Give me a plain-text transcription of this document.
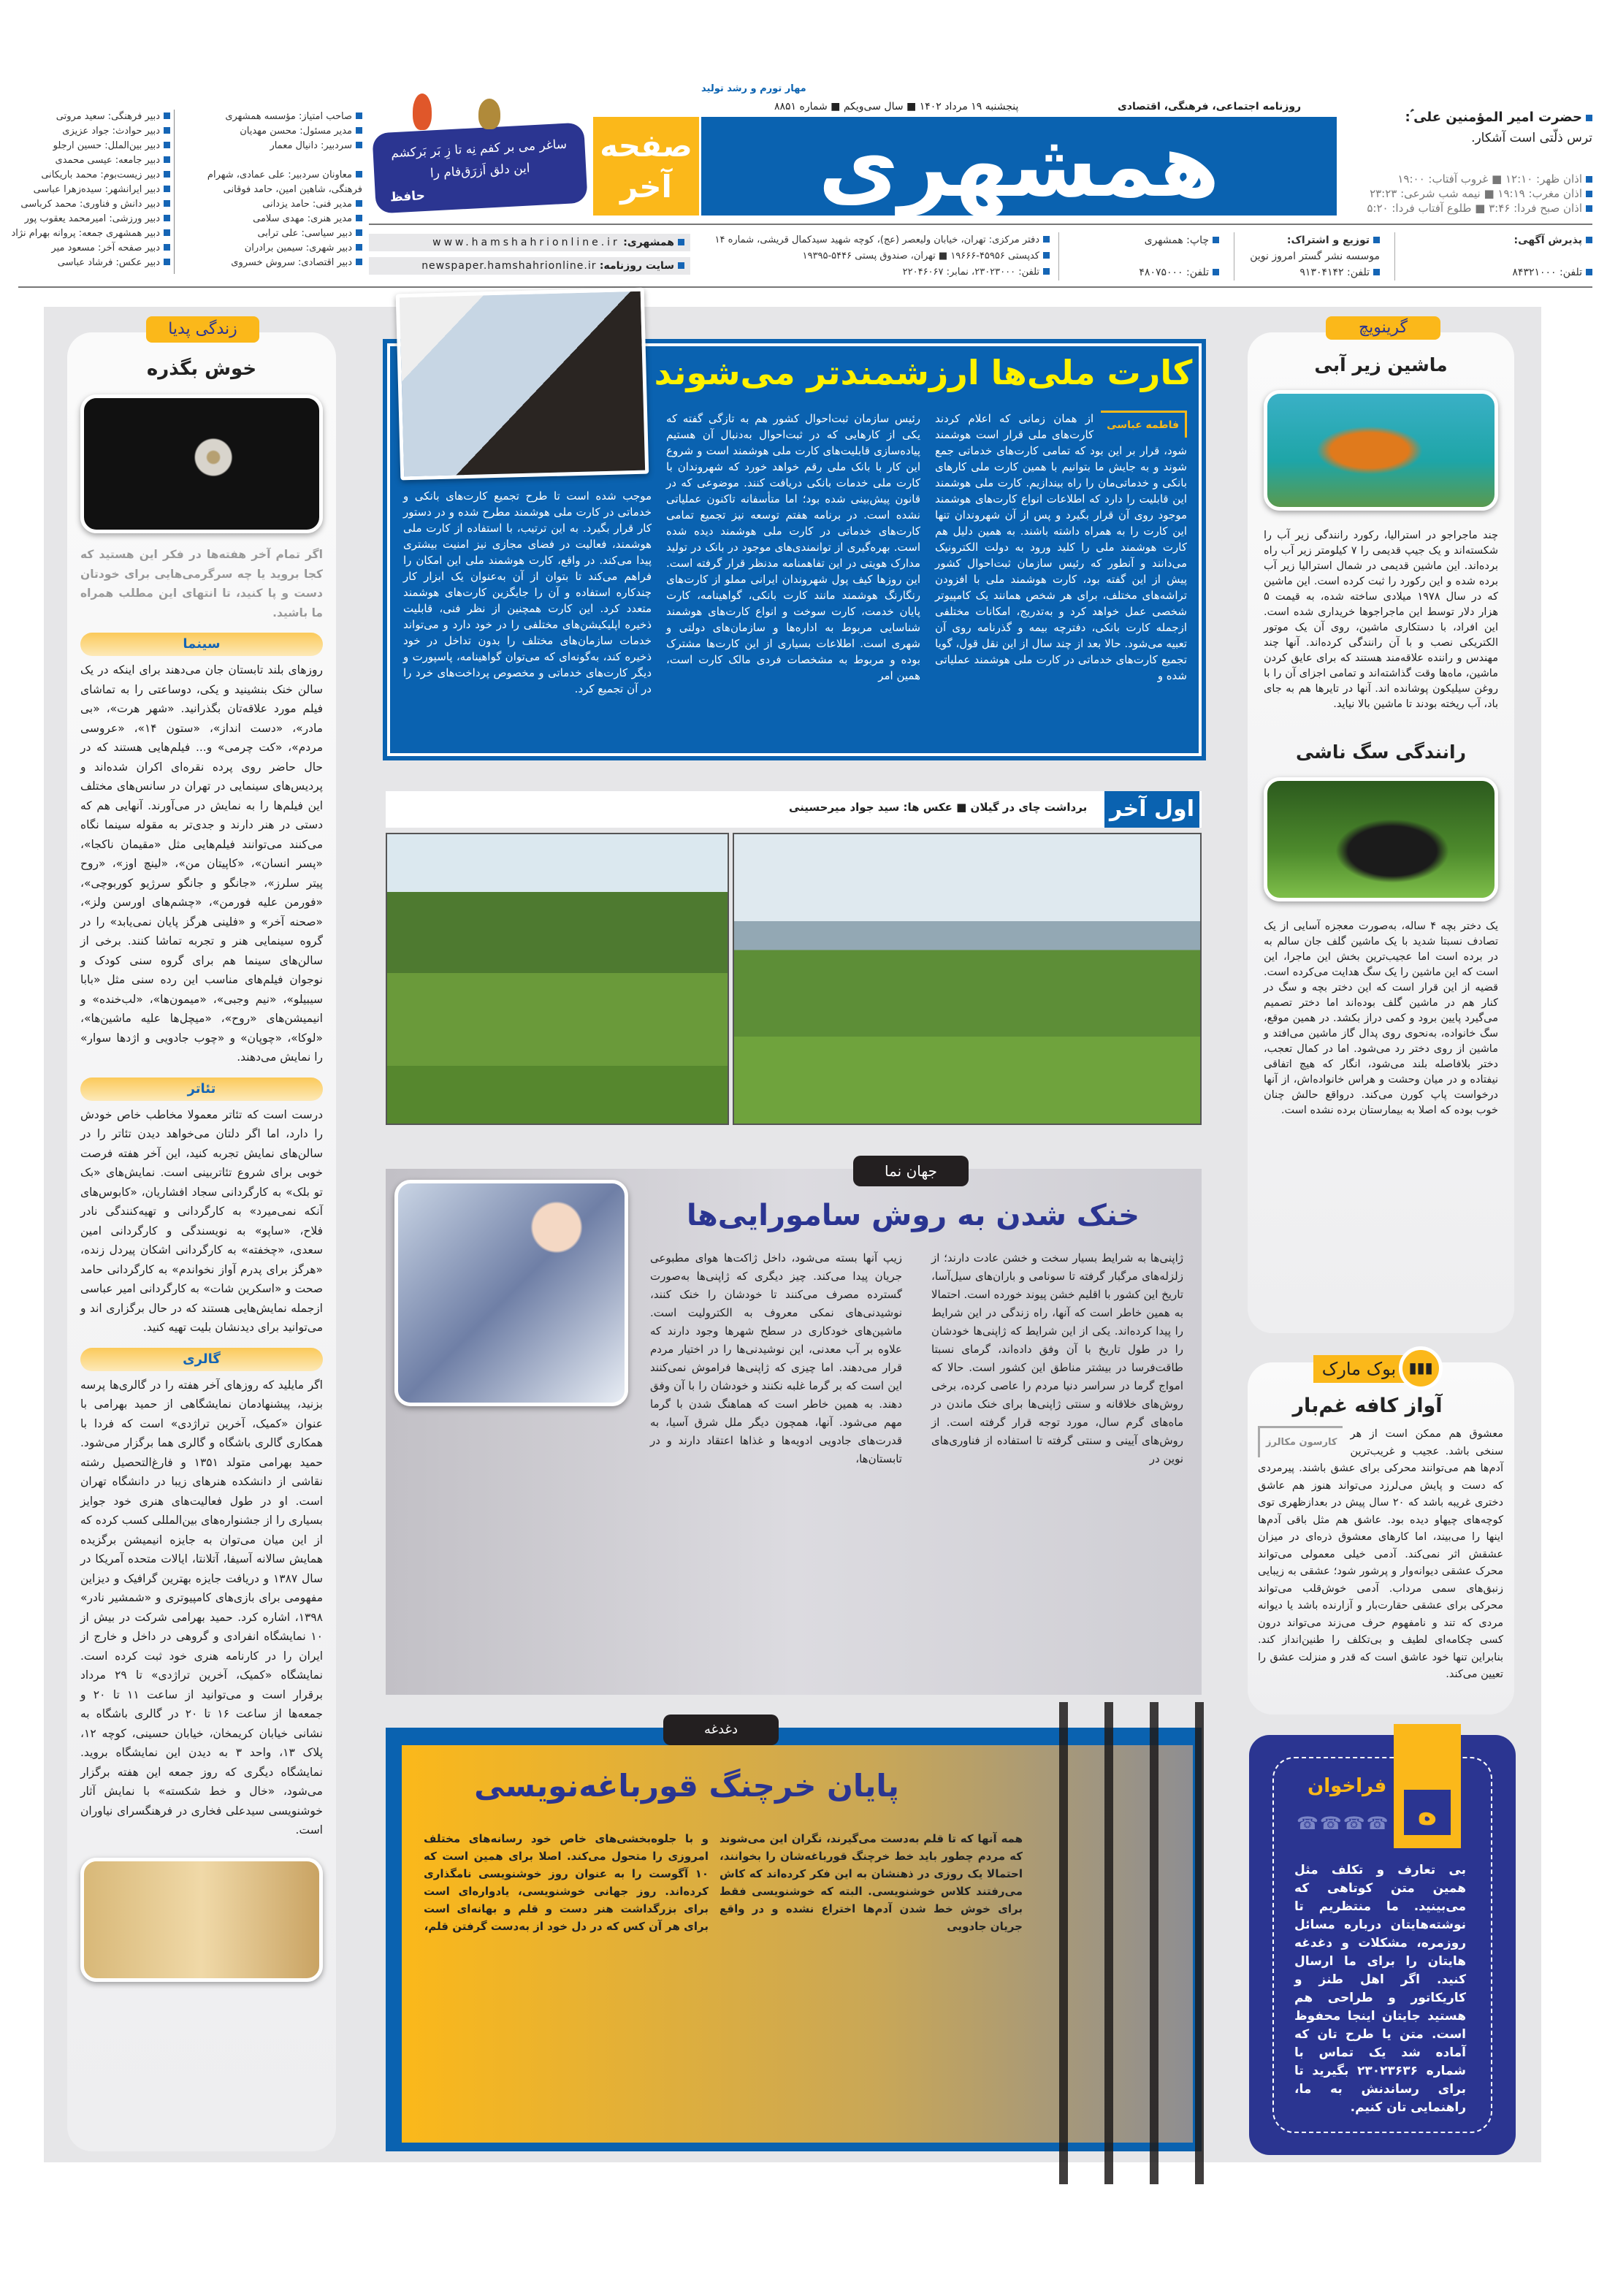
حضرت امیر المؤمنین علی ؑ:
ترس ذلّتی است آشکار.
اذان ظهر: ۱۲:۱۰ ■ غروب آفتاب: ۱۹:۰۰
اذان مغرب: ۱۹:۱۹ ■ نیمه شب شرعی: ۲۳:۲۳
اذان صبح فردا: ۳:۴۶ ■ طلوع آفتاب فردا: ۵:۲۰
روزنامه اجتماعی، فرهنگی، اقتصادی
پنجشنبه ۱۹ مرداد ۱۴۰۲ ■ سال سی‌ویکم ■ شماره ۸۸۵۱
مهار تورم و رشد تولید
همشهری
صفحه آخر
ساغر می بر کفم نِه تا زِ بَر بَرکشم این دلق اَزرَق‌فام را
حافظ
صاحب امتیاز: مؤسسه همشهری
مدیر مسئول: محسن مهدیان
سردبیر: دانیال معمار

معاونان سردبیر: علی عمادی، شهرام
فرهنگی، شاهین امین، حامد فوقانی
مدیر فنی: حامد یزدانی
مدیر هنری: مهدی سلامی
دبیر سیاسی: علی ترابی
دبیر شهری: سیمین برادران
دبیر اقتصادی: سروش خسروی
دبیر فرهنگی: سعید مروتی
دبیر حوادث: جواد عزیزی
دبیر بین‌الملل: حسین ارجلو
دبیر جامعه: عیسی محمدی
دبیر زیست‌بوم: محمد باریکانی
دبیر ایرانشهر: سیده‌زهرا عباسی
دبیر دانش و فناوری: محمد کرباسی
دبیر ورزشی: امیرمحمد یعقوب پور
دبیر همشهری جمعه: پروانه بهرام نژاد
دبیر صفحه آخر: مسعود میر
دبیر عکس: فرشاد عباسی
پذیرش آگهی:

تلفن: ۸۴۳۲۱۰۰۰
توزیع و اشتراک:
موسسه نشر گستر امروز نوین
تلفن: ۹۱۳۰۴۱۴۲
چاپ: همشهری

تلفن: ۴۸۰۷۵۰۰۰
دفتر مرکزی: تهران، خیابان ولیعصر (عج)، کوچه شهید سیدکمال قریشی، شماره ۱۴
کدپستی ۴۵۹۵۶-۱۹۶۶۶ ■ تهران، صندوق پستی ۵۴۴۶-۱۹۳۹۵
تلفن: ۲۳۰۲۳۰۰۰، نمابر: ۲۲۰۴۶۰۶۷
همشهری: www.hamshahrionline.ir
سایت روزنامه: newspaper.hamshahrionline.ir
خوش بگذره
اگر تمام آخر هفته‌ها در فکر این هستید که کجا بروید یا چه سرگرمی‌هایی برای خودتان دست و پا کنید، تا انتهای این مطلب همراه ما باشید.
سینما
روزهای بلند تابستان جان می‌دهند برای اینکه در یک سالن خنک بنشینید و یکی، دوساعتی را به تماشای فیلم مورد علاقه‌تان بگذرانید. «شهر هرت»، «بی مادر»، «دست انداز»، «ستون ۱۴»، «عروسی مردم»، «کت چرمی» و... فیلم‌هایی هستند که در حال حاضر روی پرده نقره‌ای اکران شده‌اند و پردیس‌های سینمایی در تهران در سانس‌های مختلف این فیلم‌ها را به نمایش در می‌آورند. آنهایی هم که دستی در هنر دارند و جدی‌تر به مقوله سینما نگاه می‌کنند می‌توانند فیلم‌هایی مثل «مقیمان ناکجا»، «پسر انسان»، «کاپیتان من»، «لینچ اوز»، «روح پیتر سلرز»، «جانگو و جانگو سرژیو کوربوچی»، «فورمن علیه فورمن»، «چشم‌های اورسن ولز»، «صحنه آخر» و «فلینی هرگز پایان نمی‌یابد» را در گروه سینمایی هنر و تجربه تماشا کنند. برخی از سالن‌های سینما هم برای گروه سنی کودک و نوجوان فیلم‌های مناسب این رده سنی مثل «بابا سیبیلو»، «نیم وجبی»، «میمون‌ها»، «لب‌خنده» و انیمیشن‌های «روح»، «میچل‌ها علیه ماشین‌ها»، «لوکا»، «چوپان» و «چوب جادویی و اژدها سوار» را نمایش می‌دهند.
تئاتر
درست است که تئاتر معمولا مخاطب خاص خودش را دارد، اما اگر دلتان می‌خواهد دیدن تئاتر را در سالن‌های نمایش تجربه کنید، این آخر هفته فرصت خوبی برای شروع تئاتربینی است. نمایش‌های «بک تو بلک» به کارگردانی سجاد افشاریان، «کابوس‌های آنکه نمی‌میرد» به کارگردانی و تهیه‌کنندگی نادر فلاح، «ساپو» به نویسندگی و کارگردانی امین سعدی، «چخفته» به کارگردانی اشکان پیردل زنده، «هرگز برای پدرم آواز نخواندم» به کارگردانی حامد صحت و «اسکرین شات» به کارگردانی امیر عباسی ازجمله نمایش‌هایی هستند که در حال برگزاری اند و می‌توانید برای دیدنشان بلیت تهیه کنید.
گالری
اگر مایلید که روزهای آخر هفته را در گالری‌ها پرسه بزنید، پیشنهادمان نمایشگاهی از حمید بهرامی با عنوان «کمیک، آخرین تراژدی» است که فردا با همکاری گالری باشگاه و گالری هما برگزار می‌شود. حمید بهرامی متولد ۱۳۵۱ و فارغ‌التحصیل رشته نقاشی از دانشکده هنرهای زیبا در دانشگاه تهران است. او در طول فعالیت‌های هنری خود جوایز بسیاری را از جشنواره‌های بین‌المللی کسب کرده که از این میان می‌توان به جایزه انیمیشن برگزیده همایش سالانه آسیفا، آتلانتا، ایالات متحده آمریکا در سال ۱۳۸۷ و دریافت جایزه بهترین گرافیک و دیزاین مفهومی برای بازی‌های کامپیوتری و «شمشیر نادر» ۱۳۹۸، اشاره کرد. حمید بهرامی شرکت در بیش از ۱۰ نمایشگاه انفرادی و گروهی در داخل و خارج از ایران را در کارنامه هنری خود ثبت کرده است. نمایشگاه «کمیک، آخرین تراژدی» تا ۲۹ مرداد برقرار است و می‌توانید از ساعت ۱۱ تا ۲۰ و جمعه‌ها از ساعت ۱۶ تا ۲۰ در گالری باشگاه به نشانی خیابان کریمخان، خیابان حسینی، کوچه ۱۲، پلاک ۱۳، واحد ۳ به دیدن این نمایشگاه بروید. نمایشگاه دیگری که روز جمعه این هفته برگزار می‌شود، «خال و خط شکسته» با نمایش آثار خوشنویسی سیدعلی فخاری در فرهنگسرای نیاوران است.
زندگی پدیا
کارت ملی‌ها ارزشمندتر می‌شوند
فاطمه عباسی
از همان زمانی که اعلام کردند کارت‌های ملی قرار است هوشمند شود، قرار بر این بود که تمامی کارت‌های خدماتی جمع شوند و به جایش ما بتوانیم با همین کارت ملی کارهای بانکی و خدماتی‌مان را راه بیندازیم. کارت ملی هوشمند این قابلیت را دارد که اطلاعات انواع کارت‌های هوشمند موجود روی آن قرار بگیرد و پس از آن شهروندان تنها این کارت را به همراه داشته باشند. به همین دلیل هم کارت هوشمند ملی را کلید ورود به دولت الکترونیک می‌دانند و آنطور که رئیس سازمان ثبت‌احوال کشور پیش از این گفته بود، کارت هوشمند ملی با افزودن تراشه‌های مختلف، برای هر شخص همانند یک کامپیوتر شخصی عمل خواهد کرد و به‌تدریج، امکانات مختلفی ازجمله کارت بانکی، دفترچه بیمه و گذرنامه روی آن تعبیه می‌شود. حالا بعد از چند سال از این نقل قول، گویا تجمیع کارت‌های خدماتی در کارت ملی هوشمند عملیاتی شده و
رئیس سازمان ثبت‌احوال کشور هم به تازگی گفته که یکی از کارهایی که در ثبت‌احوال به‌دنبال آن هستیم پیاده‌سازی قابلیت‌های کارت ملی هوشمند است و شروع این کار با بانک ملی رقم خواهد خورد که شهروندان با کارت ملی خدمات بانکی دریافت کنند. موضوعی که در قانون پیش‌بینی شده بود؛ اما متأسفانه تاکنون عملیاتی نشده است. در برنامه هفتم توسعه نیز تجمیع تمامی کارت‌های خدماتی در کارت ملی هوشمند دیده شده است. بهره‌گیری از توانمندی‌های موجود در بانک در تولید مدارک هویتی در این تفاهمنامه مدنظر قرار گرفته است. این روزها کیف پول شهروندان ایرانی مملو از کارت‌های رنگارنگ هوشمند مانند کارت بانکی، گواهینامه، کارت پایان خدمت، کارت سوخت و انواع کارت‌های هوشمند شناسایی مربوط به اداره‌ها و سازمان‌های دولتی و شهری است. اطلاعات بسیاری از این کارت‌ها مشترک بوده و مربوط به مشخصات فردی مالک کارت است، همین امر
موجب شده است تا طرح تجمیع کارت‌های بانکی و خدماتی در کارت ملی هوشمند مطرح شده و در دستور کار قرار بگیرد. به این ترتیب، با استفاده از کارت ملی هوشمند، فعالیت در فضای مجازی نیز امنیت بیشتری پیدا می‌کند. در واقع، کارت هوشمند ملی این امکان را فراهم می‌کند تا بتوان از آن به‌عنوان یک ابزار کار چندکاره استفاده و آن را جایگزین کارت‌های هوشمند متعدد کرد. این کارت همچنین از نظر فنی، قابلیت ذخیره اپلیکیشن‌های مختلفی را در خود دارد و می‌تواند خدمات سازمان‌های مختلف را بدون تداخل در خود ذخیره کند، به‌گونه‌ای که می‌توان گواهینامه، پاسپورت و دیگر کارت‌های خدماتی و مخصوص پرداخت‌های خرد را در آن تجمیع کرد.
اول آخر
برداشت چای در گیلان ■ عکس ها: سید جواد میرحسینی
جهان نما
خنک شدن به روش سامورایی‌ها
ژاپنی‌ها به شرایط بسیار سخت و خشن عادت دارند؛ از زلزله‌های مرگبار گرفته تا سونامی و باران‌های سیل‌آسا، تاریخ این کشور با اقلیم خشن پیوند خورده است. احتمالا به همین خاطر است که آنها، راه زندگی در این شرایط را پیدا کرده‌اند. یکی از این شرایط که ژاپنی‌ها خودشان را در طول تاریخ با آن وفق داده‌اند، گرمای نسبتا طاقت‌فرسا در بیشتر مناطق این کشور است. حالا که امواج گرما در سراسر دنیا مردم را عاصی کرده، برخی روش‌های خلاقانه و سنتی ژاپنی‌ها برای خنک ماندن در ماه‌های گرم سال، مورد توجه قرار گرفته است. از روش‌های آیینی و سنتی گرفته تا استفاده از فناوری‌های نوین در
زیپ آنها بسته می‌شود، داخل ژاکت‌ها هوای مطبوعی جریان پیدا می‌کند. چیز دیگری که ژاپنی‌ها به‌صورت گسترده مصرف می‌کنند تا خودشان را خنک کنند، نوشیدنی‌های نمکی معروف به الکترولیت است. ماشین‌های خودکاری در سطح شهرها وجود دارند که علاوه بر آب معدنی، این نوشیدنی‌ها را در اختیار مردم قرار می‌دهند. اما چیزی که ژاپنی‌ها فراموش نمی‌کنند این است که بر گرما غلبه نکنند و خودشان را با آن وفق دهند. به همین خاطر است که هماهنگ شدن با گرما مهم می‌شود. آنها، همچون دیگر ملل شرق آسیا، به قدرت‌های جادویی ادویه‌ها و غذاها اعتقاد دارند و در تابستان‌ها،
دغدغه
پایان خرچنگ قورباغه‌نویسی
همه آنها که تا قلم به‌دست می‌گیرند، نگران این می‌شوند که مردم چطور باید خط خرچنگ قورباغه‌شان را بخوانند، احتمالا یک روزی در ذهنشان به این فکر کرده‌اند که کاش می‌رفتند کلاس خوشنویسی. البته که خوشنویسی فقط برای خوش خط شدن آدم‌ها اختراع نشده و در واقع جریان جادویی
و با جلوه‌بخشی‌های خاص خود رسانه‌های مختلف امروزی را متحول می‌کند. اصلا برای همین است که ۱۰ آگوست را به عنوان روز خوشنویسی نامگذاری کرده‌اند. روز جهانی خوشنویسی، یادواره‌ای است برای بزرگداشت هنر دست و قلم و بهانه‌ای است برای هر آن کس که در دل خود از به‌دست گرفتن قلم،
ماشین زیر آبی
چند ماجراجو در استرالیا، رکورد رانندگی زیر آب را شکسته‌اند و یک جیپ قدیمی را ۷ کیلومتر زیر آب راه برده‌اند. این ماشین قدیمی در شمال استرالیا زیر آب برده شده و این رکورد را ثبت کرده است. این ماشین که در سال ۱۹۷۸ میلادی ساخته شده، به قیمت ۵ هزار دلار توسط این ماجراجوها خریداری شده است. این افراد، با دستکاری ماشین، روی آن یک موتور الکتریکی نصب و با آن رانندگی کرده‌اند. آنها چند مهندس و راننده علاقه‌مند هستند که برای عایق کردن ماشین، ماه‌ها وقت گذاشته‌اند و تمامی اجزای آن را با روغن سیلیکون پوشانده اند. آنها در تایرها هم به جای باد، آب ریخته بودند تا ماشین بالا نیاید.
رانندگی سگ ناشی
یک دختر بچه ۴ ساله، به‌صورت معجزه آسایی از یک تصادف نسبتا شدید با یک ماشین گلف جان سالم به در برده است اما عجیب‌ترین بخش این ماجرا، این است که این ماشین را یک سگ هدایت می‌کرده است. قضیه از این قرار است که این دختر بچه و سگ در کنار هم در ماشین گلف بوده‌اند اما دختر تصمیم می‌گیرد پایین برود و کمی دراز بکشد. در همین موقع، سگ خانواده، به‌نحوی روی پدال گاز ماشین می‌افتد و ماشین از روی دختر رد می‌شود. اما در کمال تعجب، دختر بلافاصله بلند می‌شود، انگار که هیچ اتفاقی نیفتاده و در میان وحشت و هراس خانواده‌اش، از آنها درخواست پاپ کورن می‌کند. درواقع حالش چنان خوب بوده که اصلا به بیمارستان برده نشده است.
گرینویچ
بوک مارک ▮▮▮
آواز کافه غم‌بار
کارسون مکالرز
معشوق هم ممکن است از هر سنخی باشد. عجیب و غریب‌ترین آدم‌ها هم می‌توانند محرکی برای عشق باشند. پیرمردی که دست و پایش می‌لرزد می‌تواند هنوز هم عاشق دختری غریبه باشد که ۲۰ سال پیش در بعدازظهری توی کوچه‌های چیهاو دیده بود. عاشق هم مثل باقی آدم‌ها اینها را می‌بیند، اما کارهای معشوق ذره‌ای در میزان عشقش اثر نمی‌کند. آدمی خیلی معمولی می‌تواند محرک عشقی دیوانه‌وار و پرشور شود؛ عشقی به زیبایی زنبق‌های سمی مرداب. آدمی خوش‌قلب می‌تواند محرکی برای عشقی حقارت‌بار و آزارنده باشد یا دیوانه مردی که تند و نامفهوم حرف می‌زند می‌تواند درون کسی چکامه‌ای لطیف و بی‌تکلف را طنین‌انداز کند. بنابراین تنها خود عاشق است که قدر و منزلت عشق را تعیین می‌کند.
ه
فراخوان
☎☎☎☎
بی تعارف و تکلف مثل همین متن کوتاهی که می‌بینید. ما منتظریم تا نوشته‌هایتان درباره مسائل روزمره، مشکلات و دغدغه هایتان را برای ما ارسال کنید. اگر اهل طنز و کاریکاتور و طراحی هم هستید جایتان اینجا محفوظ است. متن یا طرح تان که آماده شد یک تماس با شماره ۲۳۰۲۳۶۳۶ بگیرید تا برای رساندنش به ما، راهنمایی تان کنیم.
